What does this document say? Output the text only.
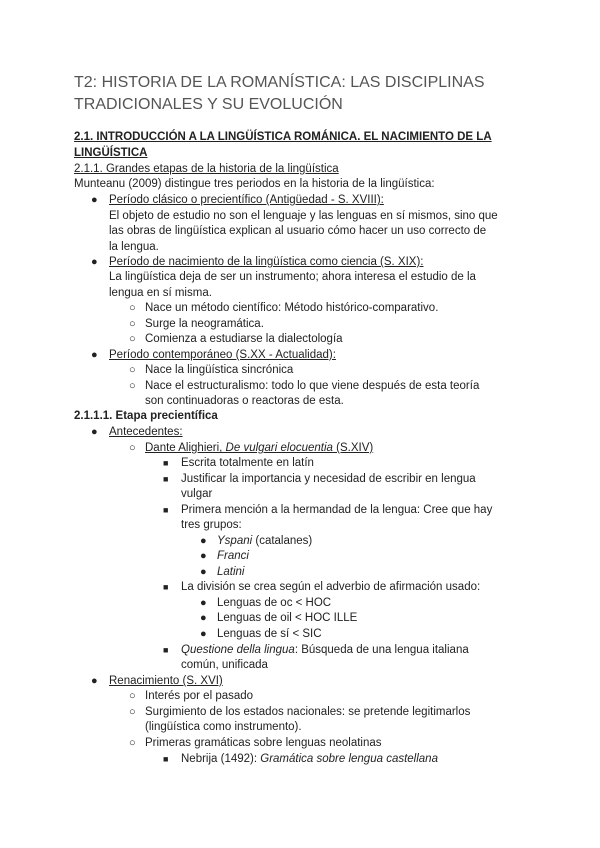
T2: HISTORIA DE LA ROMANÍSTICA: LAS DISCIPLINAS TRADICIONALES Y SU EVOLUCIÓN
2.1. INTRODUCCIÓN A LA LINGÜÍSTICA ROMÁNICA. EL NACIMIENTO DE LA
LINGÜÍSTICA
2.1.1. Grandes etapas de la historia de la lingüística
Munteanu (2009) distingue tres periodos en la historia de la lingüística:
● Período clásico o precientífico (Antigüedad - S. XVIII):
El objeto de estudio no son el lenguaje y las lenguas en sí mismos, sino que
las obras de lingüística explican al usuario cómo hacer un uso correcto de
la lengua.
● Período de nacimiento de la lingüística como ciencia (S. XIX):
La lingüística deja de ser un instrumento; ahora interesa el estudio de la
lengua en sí misma.
○ Nace un método científico: Método histórico-comparativo.
○ Surge la neogramática.
○ Comienza a estudiarse la dialectología
● Período contemporáneo (S.XX - Actualidad):
○ Nace la lingüística sincrónica
○ Nace el estructuralismo: todo lo que viene después de esta teoría
son continuadoras o reactoras de esta.
2.1.1.1. Etapa precientífica
● Antecedentes:
○ Dante Alighieri, De vulgari elocuentia (S.XIV)
■ Escrita totalmente en latín
■ Justificar la importancia y necesidad de escribir en lengua
vulgar
■ Primera mención a la hermandad de la lengua: Cree que hay
tres grupos:
● Yspani (catalanes)
● Franci
● Latini
■ La división se crea según el adverbio de afirmación usado:
● Lenguas de oc < HOC
● Lenguas de oil < HOC ILLE
● Lenguas de sí < SIC
■ Questione della lingua: Búsqueda de una lengua italiana
común, unificada
● Renacimiento (S. XVI)
○ Interés por el pasado
○ Surgimiento de los estados nacionales: se pretende legitimarlos
(lingüística como instrumento).
○ Primeras gramáticas sobre lenguas neolatinas
■ Nebrija (1492): Gramática sobre lengua castellana
